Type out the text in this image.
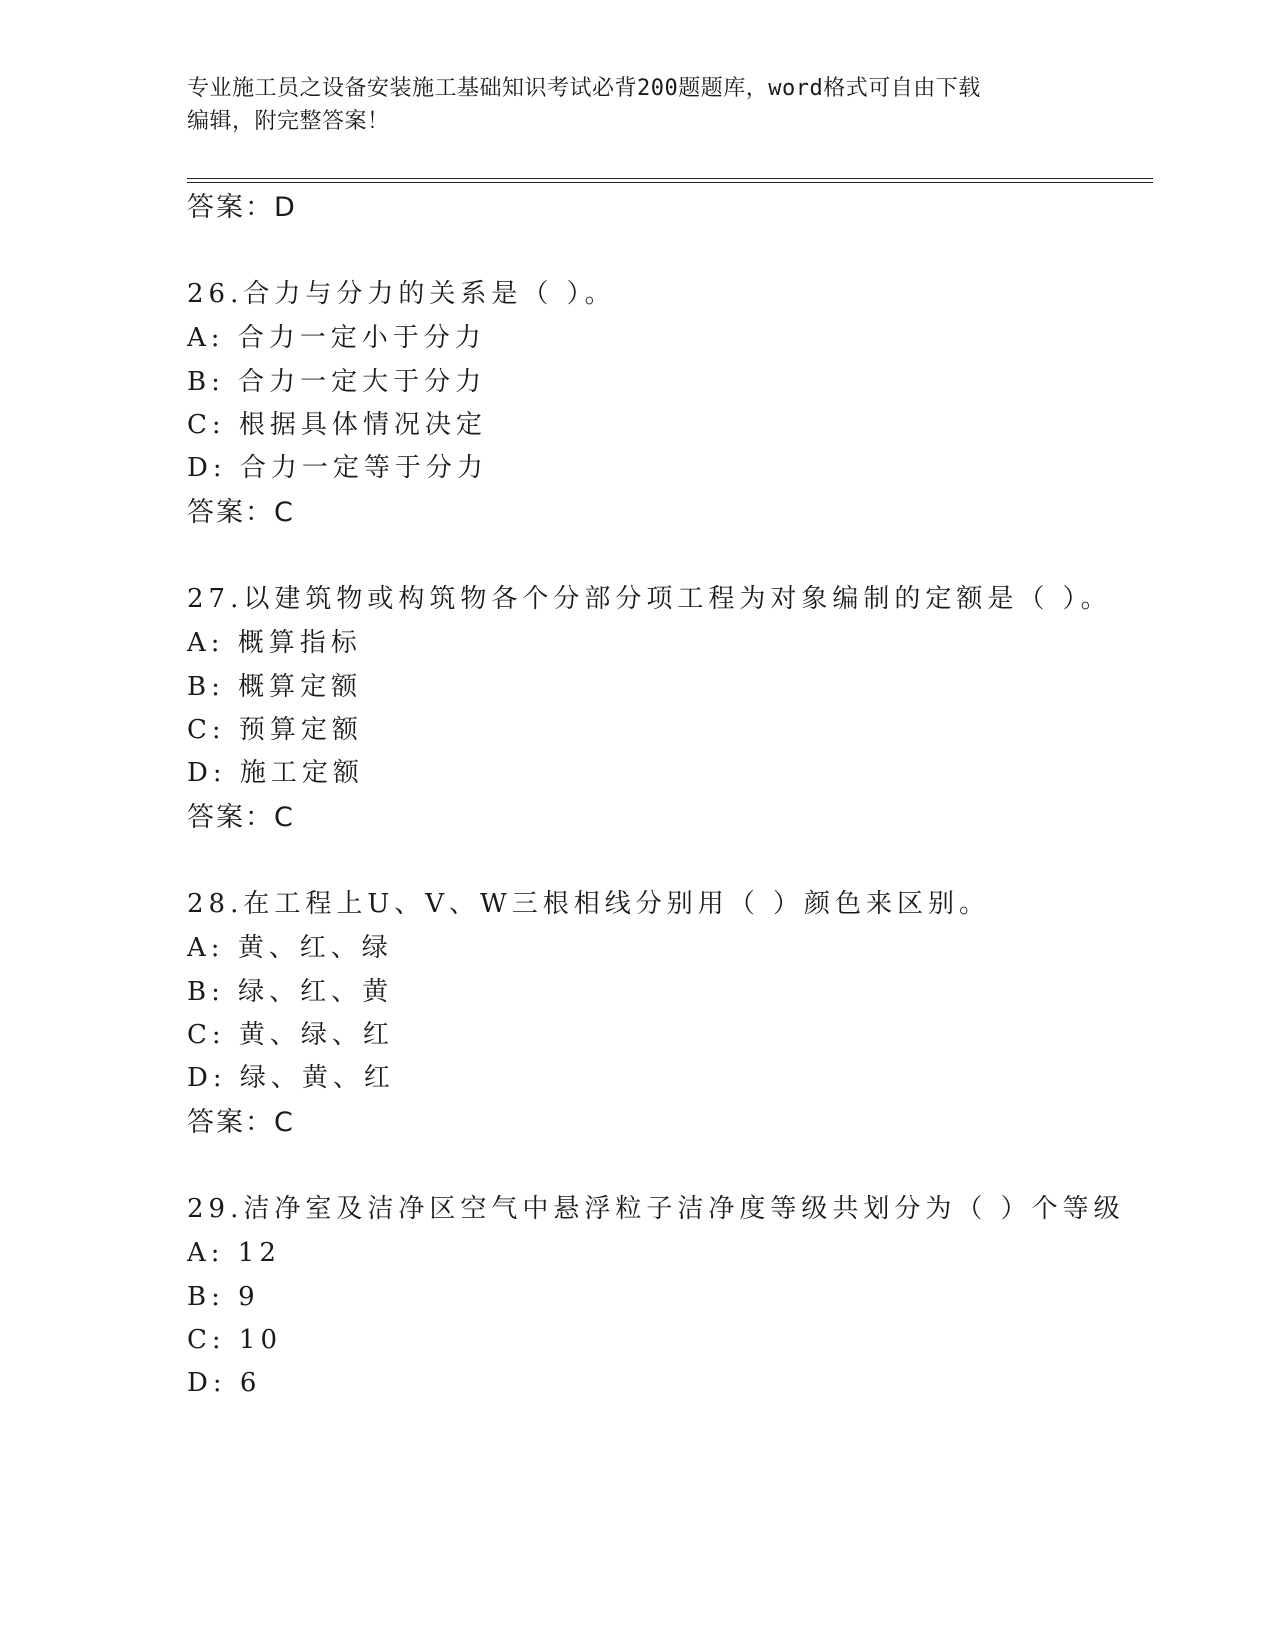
专业施工员之设备安装施工基础知识考试必背200题题库，word格式可自由下载
编辑，附完整答案！
答案：D
26.合力与分力的关系是（ ）。
A: 合力一定小于分力
B: 合力一定大于分力
C: 根据具体情况决定
D: 合力一定等于分力
答案：C
27.以建筑物或构筑物各个分部分项工程为对象编制的定额是（ ）。
A: 概算指标
B: 概算定额
C: 预算定额
D: 施工定额
答案：C
28.在工程上U、V、W三根相线分别用（ ）颜色来区别。
A: 黄、红、绿
B: 绿、红、黄
C: 黄、绿、红
D: 绿、黄、红
答案：C
29.洁净室及洁净区空气中悬浮粒子洁净度等级共划分为（ ）个等级
A: 12
B: 9
C: 10
D: 6
